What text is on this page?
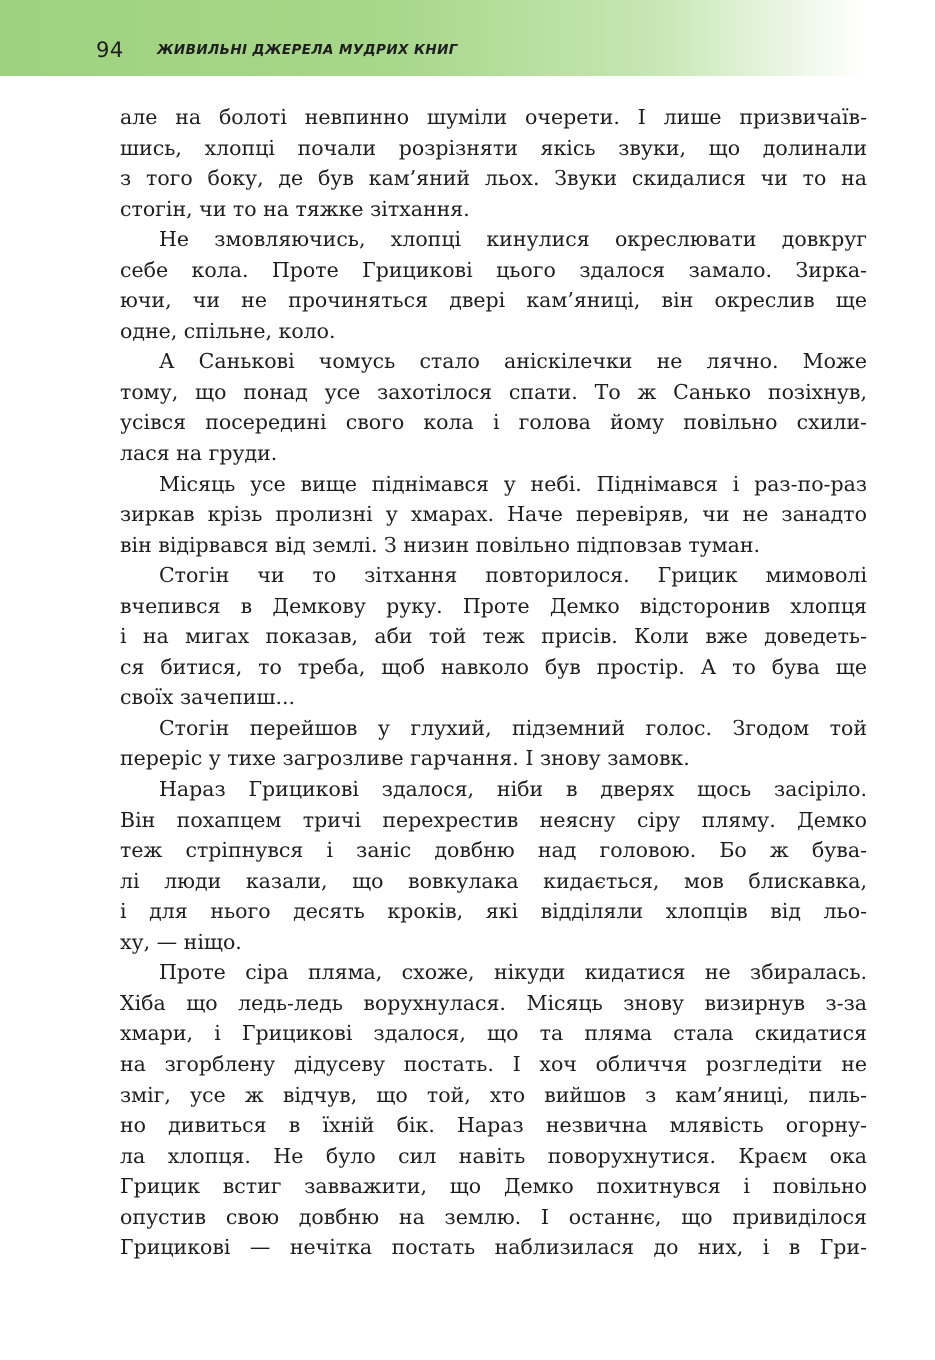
94 ЖИВИЛЬНІ ДЖЕРЕЛА МУДРИХ КНИГ
але на болоті невпинно шуміли очерети. І лише призвичаїв-
шись, хлопці почали розрізняти якісь звуки, що долинали
з того боку, де був кам’яний льох. Звуки скидалися чи то на
стогін, чи то на тяжке зітхання.
Не змовляючись, хлопці кинулися окреслювати довкруг
себе кола. Проте Грициковi цього здалося замало. Зирка-
ючи, чи не прочиняться двері кам’яниці, він окреслив ще
одне, спільне, коло.
А Санькові чомусь стало аніскілечки не лячно. Може
тому, що понад усе захотілося спати. То ж Санько позіхнув,
усівся посередині свого кола і голова йому повільно схили-
лася на груди.
Місяць усе вище піднімався у небі. Піднімався і раз-по-раз
зиркав крізь пролизні у хмарах. Наче перевіряв, чи не занадто
він відірвався від землі. З низин повільно підповзав туман.
Стогін чи то зітхання повторилося. Грицик мимоволі
вчепився в Демкову руку. Проте Демко відсторонив хлопця
і на мигах показав, аби той теж присів. Коли вже доведеть-
ся битися, то треба, щоб навколо був простір. А то бува ще
своїх зачепиш...
Стогін перейшов у глухий, підземний голос. Згодом той
переріс у тихе загрозливе гарчання. І знову замовк.
Нараз Грицикові здалося, ніби в дверях щось засіріло.
Він похапцем тричі перехрестив неясну сіру пляму. Демко
теж стріпнувся і заніс довбню над головою. Бо ж бува-
лі люди казали, що вовкулака кидається, мов блискавка,
і для нього десять кроків, які відділяли хлопців від льо-
ху, — ніщо.
Проте сіра пляма, схоже, нікуди кидатися не збиралась.
Хіба що ледь-ледь ворухнулася. Місяць знову визирнув з-за
хмари, і Грицикові здалося, що та пляма стала скидатися
на згорблену дідусеву постать. І хоч обличчя розгледіти не
зміг, усе ж відчув, що той, хто вийшов з кам’яниці, пиль-
но дивиться в їхній бік. Нараз незвична млявість огорну-
ла хлопця. Не було сил навіть поворухнутися. Краєм ока
Грицик встиг завважити, що Демко похитнувся і повільно
опустив свою довбню на землю. І останнє, що привиділося
Грицикові — нечітка постать наблизилася до них, і в Гри-
